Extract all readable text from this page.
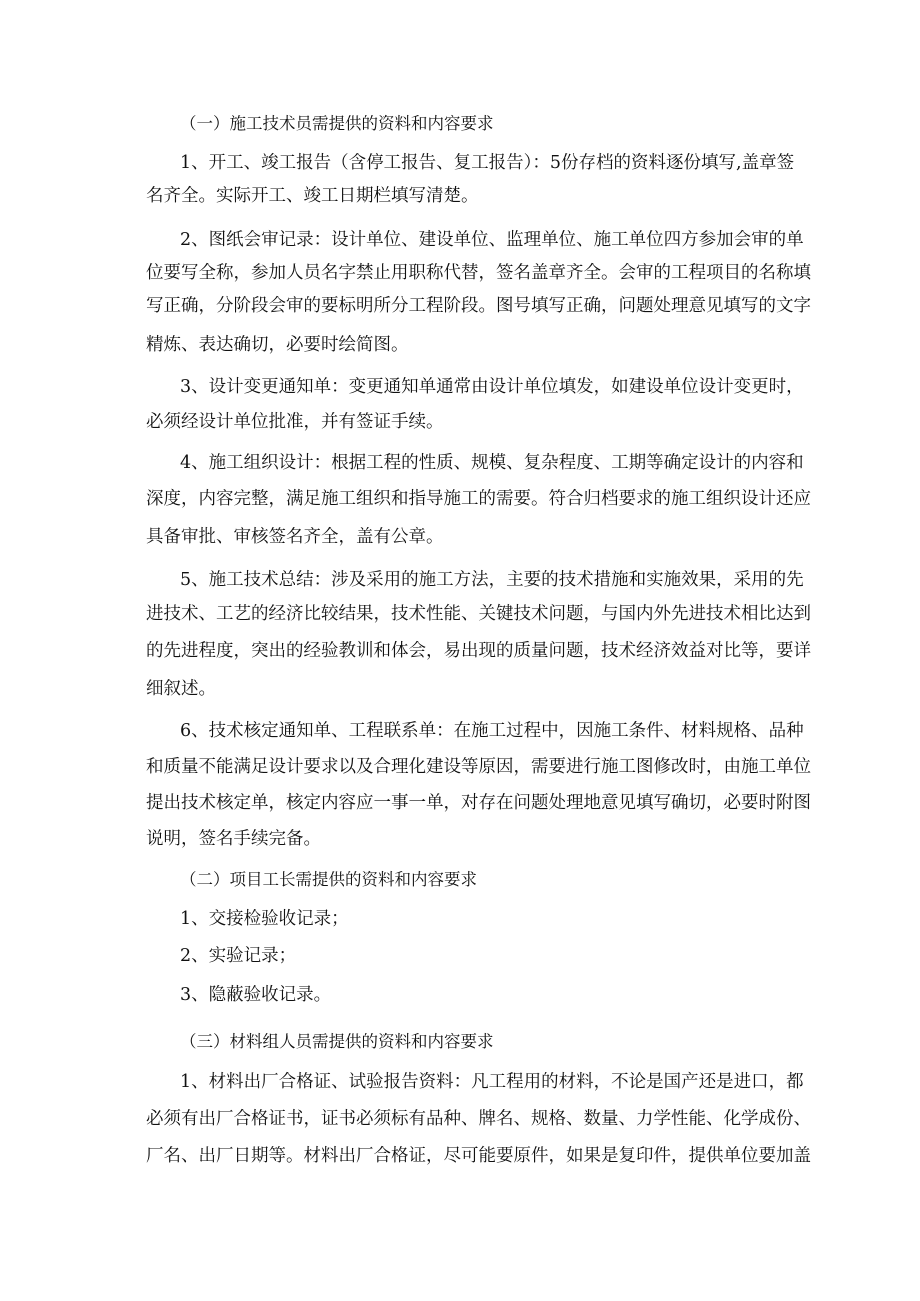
（一）施工技术员需提供的资料和内容要求

1、开工、竣工报告（含停工报告、复工报告）：5份存档的资料逐份填写,盖章签

名齐全。实际开工、竣工日期栏填写清楚。

2、图纸会审记录：设计单位、建设单位、监理单位、施工单位四方参加会审的单

位要写全称，参加人员名字禁止用职称代替，签名盖章齐全。会审的工程项目的名称填

写正确，分阶段会审的要标明所分工程阶段。图号填写正确，问题处理意见填写的文字

精炼、表达确切，必要时绘简图。

3、设计变更通知单：变更通知单通常由设计单位填发，如建设单位设计变更时，

必须经设计单位批准，并有签证手续。

4、施工组织设计：根据工程的性质、规模、复杂程度、工期等确定设计的内容和

深度，内容完整，满足施工组织和指导施工的需要。符合归档要求的施工组织设计还应

具备审批、审核签名齐全，盖有公章。

5、施工技术总结：涉及采用的施工方法，主要的技术措施和实施效果，采用的先

进技术、工艺的经济比较结果，技术性能、关键技术问题，与国内外先进技术相比达到

的先进程度，突出的经验教训和体会，易出现的质量问题，技术经济效益对比等，要详

细叙述。

6、技术核定通知单、工程联系单：在施工过程中，因施工条件、材料规格、品种

和质量不能满足设计要求以及合理化建设等原因，需要进行施工图修改时，由施工单位

提出技术核定单，核定内容应一事一单，对存在问题处理地意见填写确切，必要时附图

说明，签名手续完备。

（二）项目工长需提供的资料和内容要求

1、交接检验收记录；

2、实验记录；

3、隐蔽验收记录。

（三）材料组人员需提供的资料和内容要求

1、材料出厂合格证、试验报告资料：凡工程用的材料，不论是国产还是进口，都

必须有出厂合格证书，证书必须标有品种、牌名、规格、数量、力学性能、化学成份、

厂名、出厂日期等。材料出厂合格证，尽可能要原件，如果是复印件，提供单位要加盖
